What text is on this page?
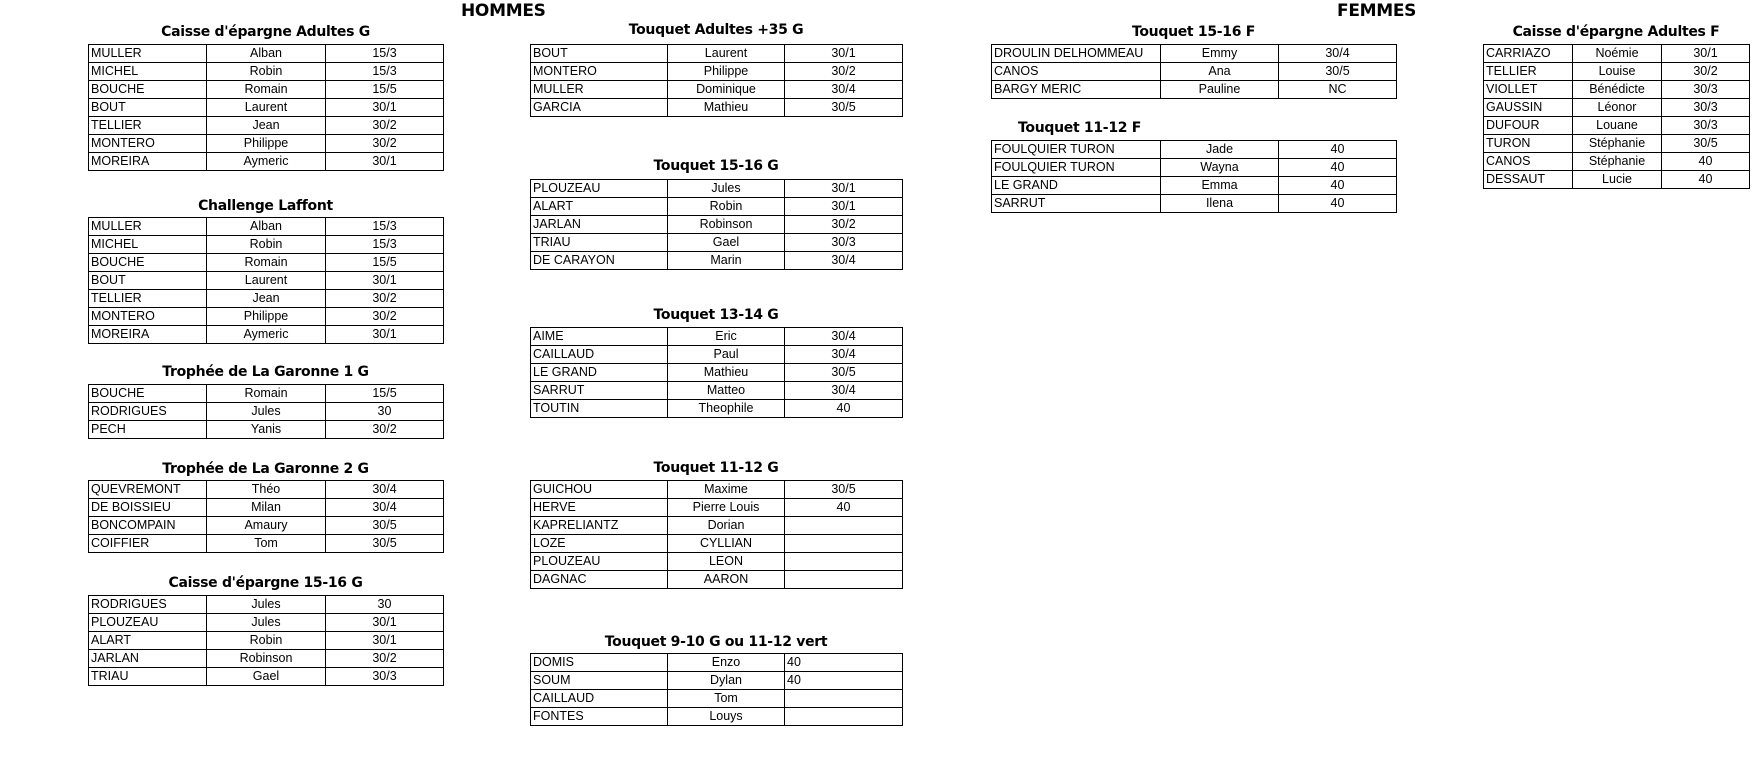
HOMMES	FEMMES
Caisse d'épargne Adultes G
MULLER	Alban	15/3
MICHEL	Robin	15/3
BOUCHE	Romain	15/5
BOUT	Laurent	30/1
TELLIER	Jean	30/2
MONTERO	Philippe	30/2
MOREIRA	Aymeric	30/1
Challenge Laffont
MULLER	Alban	15/3
MICHEL	Robin	15/3
BOUCHE	Romain	15/5
BOUT	Laurent	30/1
TELLIER	Jean	30/2
MONTERO	Philippe	30/2
MOREIRA	Aymeric	30/1
Trophée de La Garonne 1 G
BOUCHE	Romain	15/5
RODRIGUES	Jules	30
PECH	Yanis	30/2
Trophée de La Garonne 2 G
QUEVREMONT	Théo	30/4
DE BOISSIEU	Milan	30/4
BONCOMPAIN	Amaury	30/5
COIFFIER	Tom	30/5
Caisse d'épargne 15-16 G
RODRIGUES	Jules	30
PLOUZEAU	Jules	30/1
ALART	Robin	30/1
JARLAN	Robinson	30/2
TRIAU	Gael	30/3
Touquet Adultes +35 G
BOUT	Laurent	30/1
MONTERO	Philippe	30/2
MULLER	Dominique	30/4
GARCIA	Mathieu	30/5
Touquet 15-16 G
PLOUZEAU	Jules	30/1
ALART	Robin	30/1
JARLAN	Robinson	30/2
TRIAU	Gael	30/3
DE CARAYON	Marin	30/4
Touquet 13-14 G
AIME	Eric	30/4
CAILLAUD	Paul	30/4
LE GRAND	Mathieu	30/5
SARRUT	Matteo	30/4
TOUTIN	Theophile	40
Touquet 11-12 G
GUICHOU	Maxime	30/5
HERVE	Pierre Louis	40
KAPRELIANTZ	Dorian	
LOZE	CYLLIAN	
PLOUZEAU	LEON	
DAGNAC	AARON	
Touquet 9-10 G ou 11-12 vert
DOMIS	Enzo	40
SOUM	Dylan	40
CAILLAUD	Tom	
FONTES	Louys	
Touquet 15-16 F
DROULIN DELHOMMEAU	Emmy	30/4
CANOS	Ana	30/5
BARGY MERIC	Pauline	NC
Touquet 11-12 F
FOULQUIER TURON	Jade	40
FOULQUIER TURON	Wayna	40
LE GRAND	Emma	40
SARRUT	Ilena	40
Caisse d'épargne Adultes F
CARRIAZO	Noémie	30/1
TELLIER	Louise	30/2
VIOLLET	Bénédicte	30/3
GAUSSIN	Léonor	30/3
DUFOUR	Louane	30/3
TURON	Stéphanie	30/5
CANOS	Stéphanie	40
DESSAUT	Lucie	40
